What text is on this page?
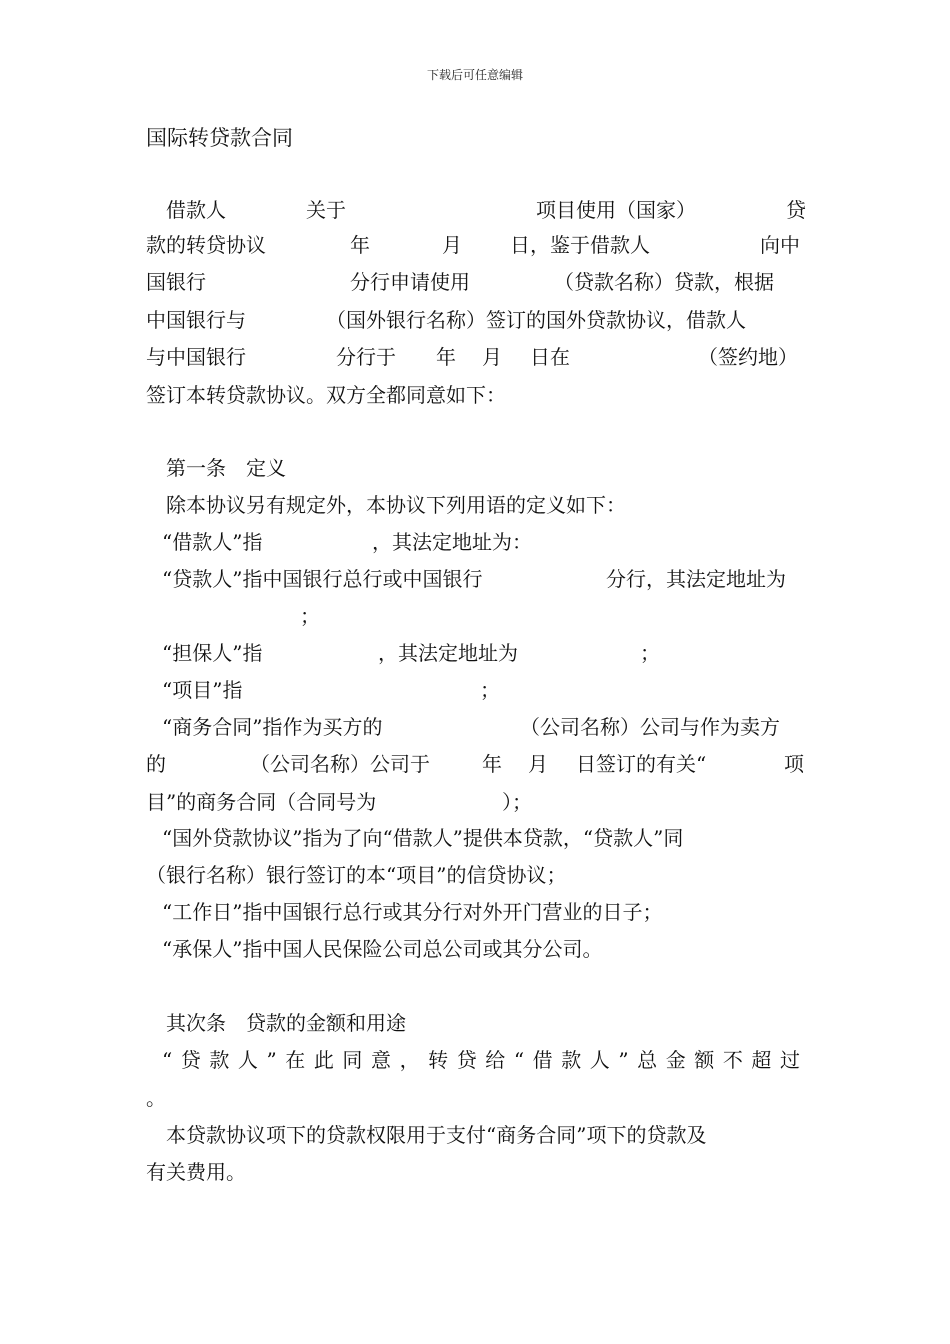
下载后可任意编辑
国际转贷款合同
借款人	关于	项目使用（国家）	贷
款的转贷协议	年	月 日，鉴于借款人	向中
国银行	分行申请使用	（贷款名称）贷款，根据
中国银行与	（国外银行名称）签订的国外贷款协议，借款人
与中国银行	分行于 年 月 日在	（签约地）
签订本转贷款协议。双方全都同意如下：
第一条　定义
除本协议另有规定外，本协议下列用语的定义如下：
“借款人”指	，其法定地址为：
“贷款人”指中国银行总行或中国银行	分行，其法定地址为
；
“担保人”指	，其法定地址为	；
“项目”指	；
“商务合同”指作为买方的	（公司名称）公司与作为卖方
的	（公司名称）公司于	年 月 日签订的有关“	项
目”的商务合同（合同号为	）；
“国外贷款协议”指为了向“借款人”提供本贷款，“贷款人”同
（银行名称）银行签订的本“项目”的信贷协议；
“工作日”指中国银行总行或其分行对外开门营业的日子；
“承保人”指中国人民保险公司总公司或其分公司。
其次条　贷款的金额和用途
“贷款人”在此同意，转贷给“借款人”总金额不超过
。
本贷款协议项下的贷款权限用于支付“商务合同”项下的贷款及
有关费用。
